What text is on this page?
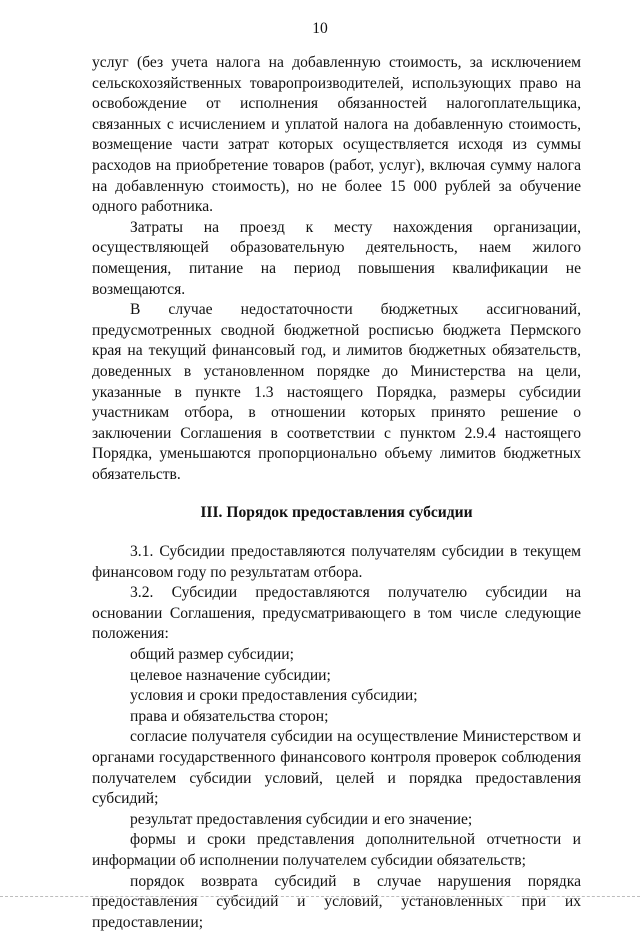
10

услуг (без учета налога на добавленную стоимость, за исключением сельскохозяйственных товаропроизводителей, использующих право на освобождение от исполнения обязанностей налогоплательщика, связанных с исчислением и уплатой налога на добавленную стоимость, возмещение части затрат которых осуществляется исходя из суммы расходов на приобретение товаров (работ, услуг), включая сумму налога на добавленную стоимость), но не более 15 000 рублей за обучение одного работника.

Затраты на проезд к месту нахождения организации, осуществляющей образовательную деятельность, наем жилого помещения, питание на период повышения квалификации не возмещаются.

В случае недостаточности бюджетных ассигнований, предусмотренных сводной бюджетной росписью бюджета Пермского края на текущий финансовый год, и лимитов бюджетных обязательств, доведенных в установленном порядке до Министерства на цели, указанные в пункте 1.3 настоящего Порядка, размеры субсидии участникам отбора, в отношении которых принято решение о заключении Соглашения в соответствии с пунктом 2.9.4 настоящего Порядка, уменьшаются пропорционально объему лимитов бюджетных обязательств.

III. Порядок предоставления субсидии

3.1. Субсидии предоставляются получателям субсидии в текущем финансовом году по результатам отбора.

3.2. Субсидии предоставляются получателю субсидии на основании Соглашения, предусматривающего в том числе следующие положения:

общий размер субсидии;

целевое назначение субсидии;

условия и сроки предоставления субсидии;

права и обязательства сторон;

согласие получателя субсидии на осуществление Министерством и органами государственного финансового контроля проверок соблюдения получателем субсидии условий, целей и порядка предоставления субсидий;

результат предоставления субсидии и его значение;

формы и сроки представления дополнительной отчетности и информации об исполнении получателем субсидии обязательств;

порядок возврата субсидий в случае нарушения порядка предоставления субсидий и условий, установленных при их предоставлении;
